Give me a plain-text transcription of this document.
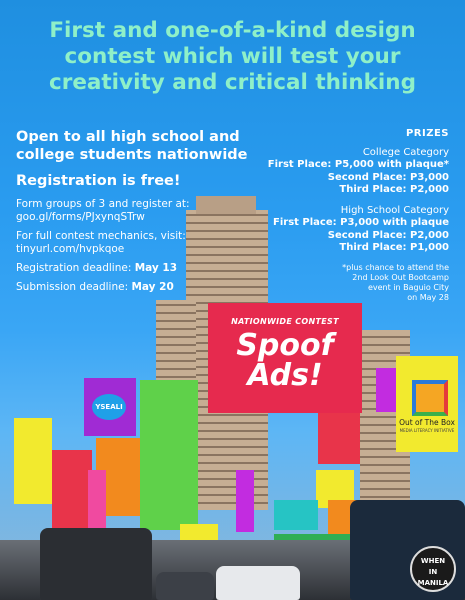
First and one-of-a-kind design contest which will test your creativity and critical thinking
Open to all high school and college students nationwide
Registration is free!
Form groups of 3 and register at:
goo.gl/forms/PJxynqSTrw
For full contest mechanics, visit:
tinyurl.com/hvpkqoe
Registration deadline: May 13
Submission deadline: May 20
PRIZES
College Category
First Place: P5,000 with plaque*
Second Place: P3,000
Third Place: P2,000
High School Category
First Place: P3,000 with plaque
Second Place: P2,000
Third Place: P1,000
*plus chance to attend the
2nd Look Out Bootcamp
event in Baguio City
on May 28
NATIONWIDE CONTEST
Spoof
Ads!
YSEALI
Out of The Box
MEDIA LITERACY INITIATIVE
WHEN
IN
MANILA
